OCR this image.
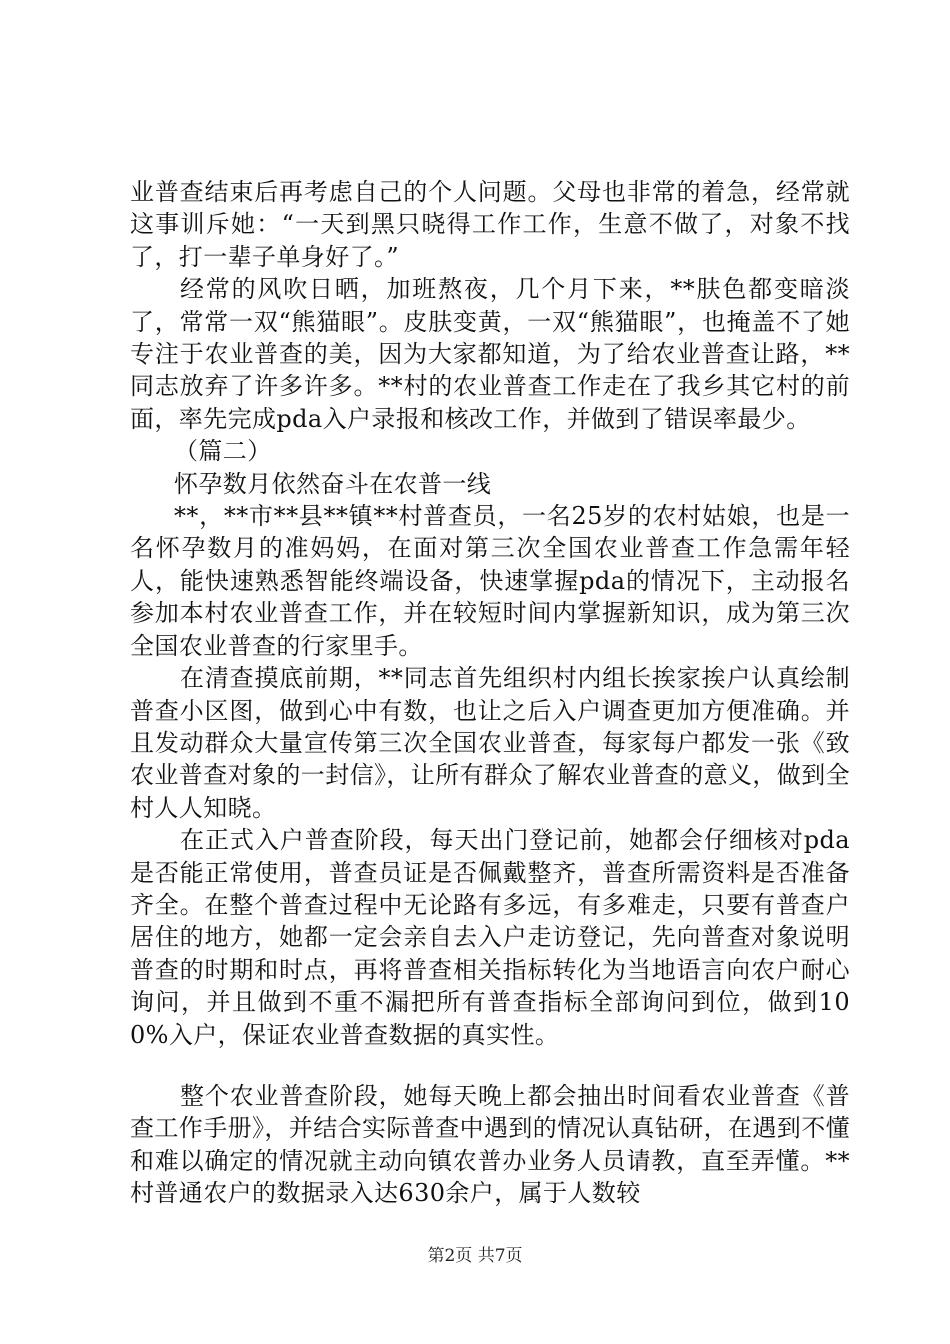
业普查结束后再考虑自己的个人问题。父母也非常的着急，经常就这事训斥她：“一天到黑只晓得工作工作，生意不做了，对象不找了，打一辈子单身好了。”

经常的风吹日晒，加班熬夜，几个月下来，**肤色都变暗淡了，常常一双“熊猫眼”。皮肤变黄，一双“熊猫眼”，也掩盖不了她专注于农业普查的美，因为大家都知道，为了给农业普查让路，**同志放弃了许多许多。**村的农业普查工作走在了我乡其它村的前面，率先完成pda入户录报和核改工作，并做到了错误率最少。

（篇二）

怀孕数月依然奋斗在农普一线

**，**市**县**镇**村普查员，一名25岁的农村姑娘，也是一名怀孕数月的准妈妈，在面对第三次全国农业普查工作急需年轻人，能快速熟悉智能终端设备，快速掌握pda的情况下，主动报名参加本村农业普查工作，并在较短时间内掌握新知识，成为第三次全国农业普查的行家里手。

在清查摸底前期，**同志首先组织村内组长挨家挨户认真绘制普查小区图，做到心中有数，也让之后入户调查更加方便准确。并且发动群众大量宣传第三次全国农业普查，每家每户都发一张《致农业普查对象的一封信》，让所有群众了解农业普查的意义，做到全村人人知晓。

在正式入户普查阶段，每天出门登记前，她都会仔细核对pda是否能正常使用，普查员证是否佩戴整齐，普查所需资料是否准备齐全。在整个普查过程中无论路有多远，有多难走，只要有普查户居住的地方，她都一定会亲自去入户走访登记，先向普查对象说明普查的时期和时点，再将普查相关指标转化为当地语言向农户耐心询问，并且做到不重不漏把所有普查指标全部询问到位，做到100%入户，保证农业普查数据的真实性。

整个农业普查阶段，她每天晚上都会抽出时间看农业普查《普查工作手册》，并结合实际普查中遇到的情况认真钻研，在遇到不懂和难以确定的情况就主动向镇农普办业务人员请教，直至弄懂。**村普通农户的数据录入达630余户，属于人数较

第2页 共7页
